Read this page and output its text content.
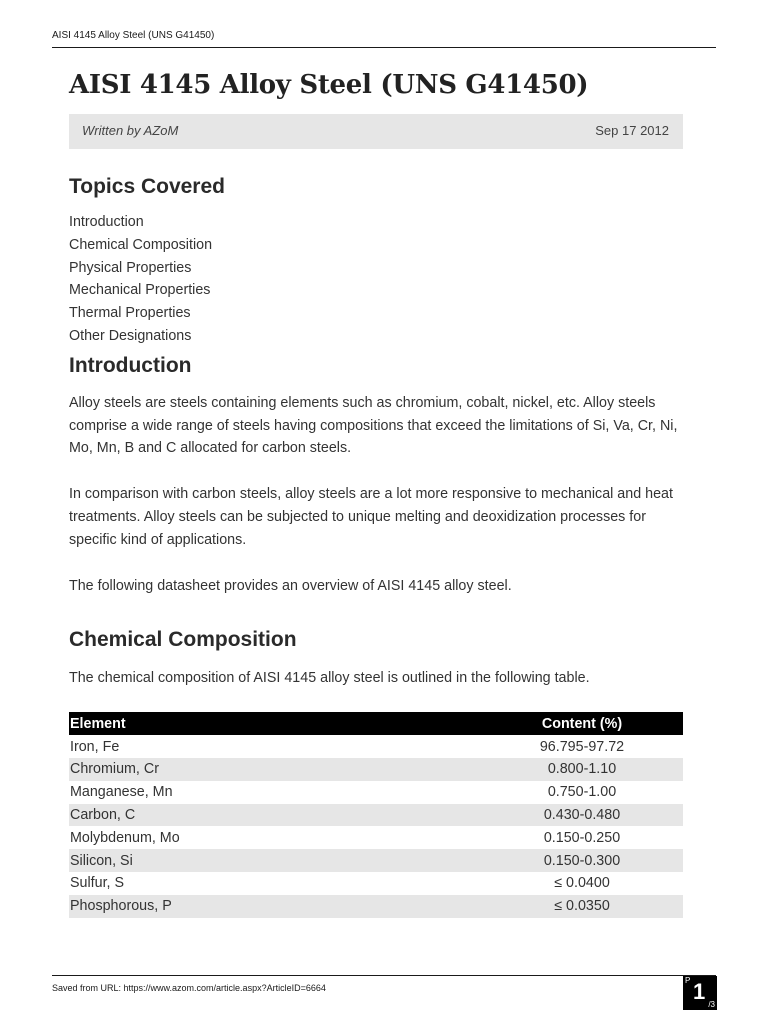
AISI 4145 Alloy Steel (UNS G41450)
AISI 4145 Alloy Steel (UNS G41450)
Written by AZoM	Sep 17 2012
Topics Covered
Introduction
Chemical Composition
Physical Properties
Mechanical Properties
Thermal Properties
Other Designations
Introduction

Alloy steels are steels containing elements such as chromium, cobalt, nickel, etc. Alloy steels comprise a wide range of steels having compositions that exceed the limitations of Si, Va, Cr, Ni, Mo, Mn, B and C allocated for carbon steels.

In comparison with carbon steels, alloy steels are a lot more responsive to mechanical and heat treatments. Alloy steels can be subjected to unique melting and deoxidization processes for specific kind of applications.

The following datasheet provides an overview of AISI 4145 alloy steel.

Chemical Composition

The chemical composition of AISI 4145 alloy steel is outlined in the following table.

Element	Content (%)
Iron, Fe	96.795-97.72
Chromium, Cr	0.800-1.10
Manganese, Mn	0.750-1.00
Carbon, C	0.430-0.480
Molybdenum, Mo	0.150-0.250
Silicon, Si	0.150-0.300
Sulfur, S	≤ 0.0400
Phosphorous, P	≤ 0.0350
Saved from URL: https://www.azom.com/article.aspx?ArticleID=6664
P 1
/3
